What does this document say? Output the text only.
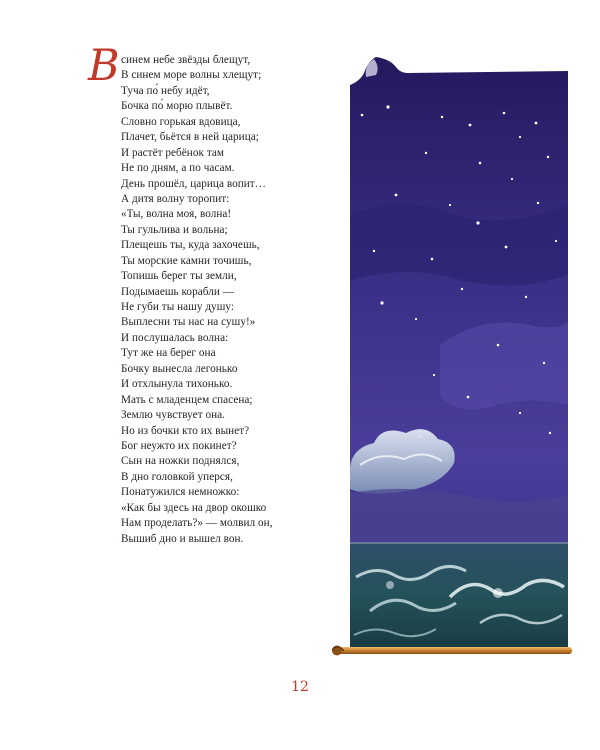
В синем небе звёзды блещут,
В синем море волны хлещут;
Туча по́ небу идёт,
Бочка по́ морю плывёт.
Словно горькая вдовица,
Плачет, бьётся в ней царица;
И растёт ребёнок там
Не по дням, а по часам.
День прошёл, царица вопит…
А дитя волну торопит:
«Ты, волна моя, волна!
Ты гульлива и вольна;
Плещешь ты, куда захочешь,
Ты морские камни точишь,
Топишь берег ты земли,
Подымаешь корабли —
Не губи ты нашу душу:
Выплесни ты нас на сушу!»
И послушалась волна:
Тут же на берег она
Бочку вынесла легонько
И отхлынула тихонько.
Мать с младенцем спасена;
Землю чувствует она.
Но из бочки кто их вынет?
Бог неужто их покинет?
Сын на ножки поднялся,
В дно головкой уперся,
Понатужился немножко:
«Как бы здесь на двор окошко
Нам проделать?» — молвил он,
Вышиб дно и вышел вон.
12
